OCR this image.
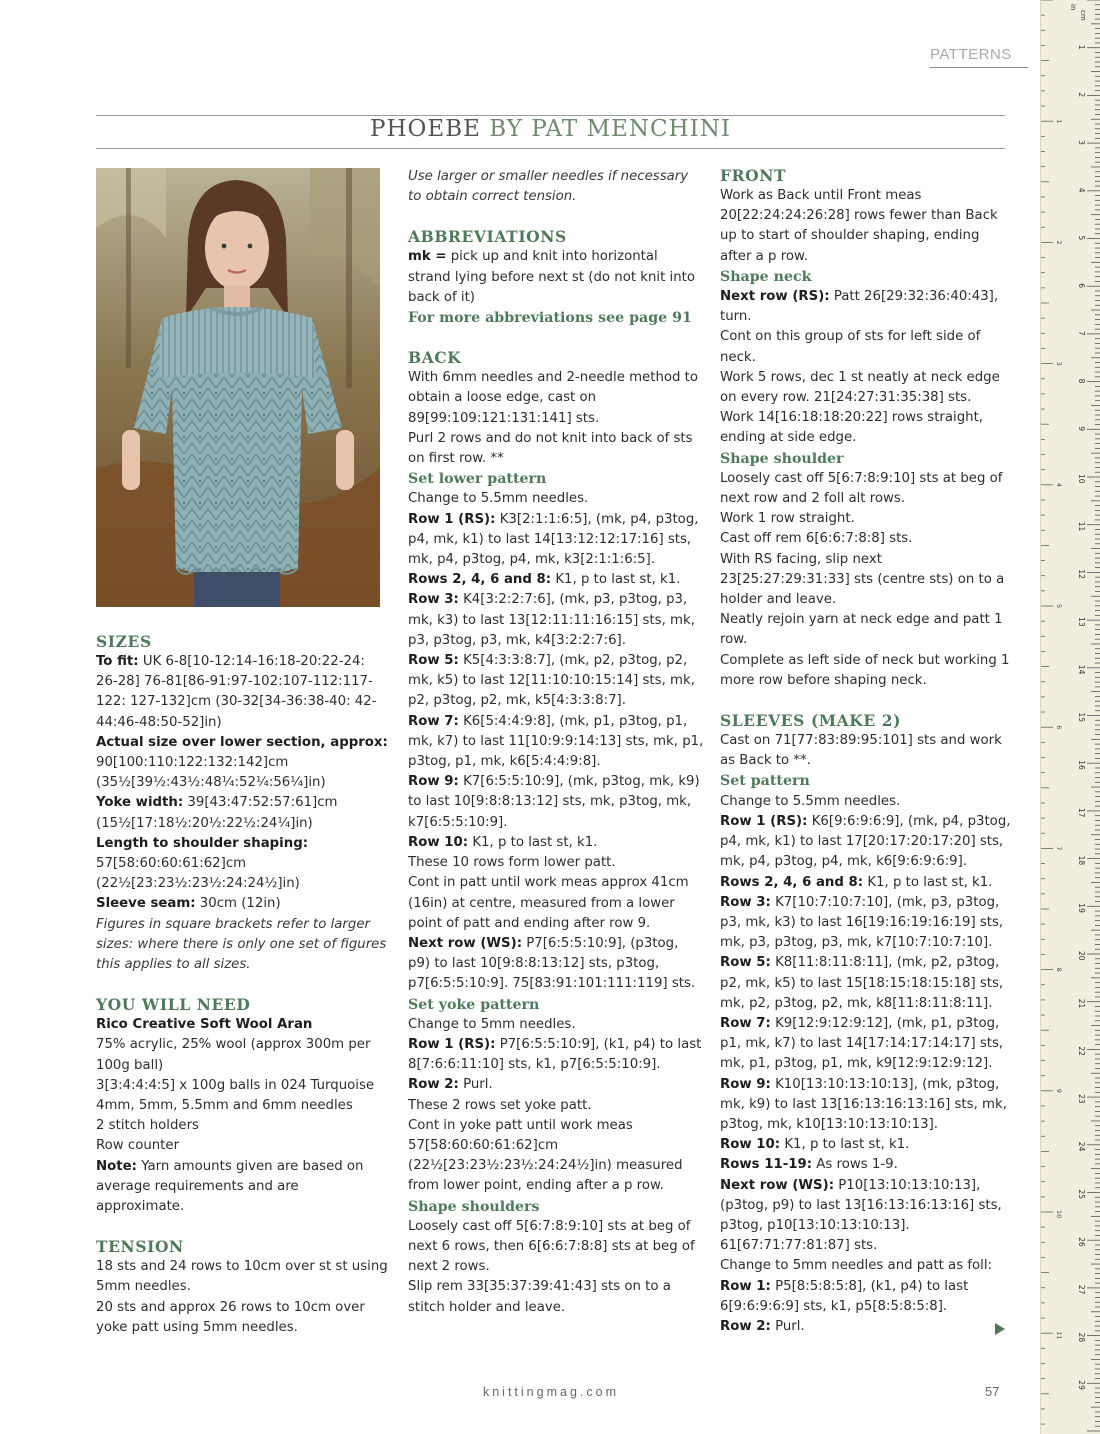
PATTERNS
PHOEBE BY PAT MENCHINI
SIZES
To fit: UK 6-8[10-12:14-16:18-20:22-24: 26-28] 76-81[86-91:97-102:107-112:117-122: 127-132]cm (30-32[34-36:38-40: 42-44:46-48:50-52]in)
Actual size over lower section, approx: 90[100:110:122:132:142]cm (35½[39½:43½:48¼:52¼:56¼]in)
Yoke width: 39[43:47:52:57:61]cm (15½[17:18½:20½:22½:24¼]in)
Length to shoulder shaping: 57[58:60:60:61:62]cm (22½[23:23½:23½:24:24½]in)
Sleeve seam: 30cm (12in)
Figures in square brackets refer to larger sizes: where there is only one set of figures this applies to all sizes.
YOU WILL NEED
Rico Creative Soft Wool Aran
75% acrylic, 25% wool (approx 300m per 100g ball)
3[3:4:4:4:5] x 100g balls in 024 Turquoise
4mm, 5mm, 5.5mm and 6mm needles
2 stitch holders
Row counter
Note: Yarn amounts given are based on average requirements and are approximate.
TENSION
18 sts and 24 rows to 10cm over st st using 5mm needles.
20 sts and approx 26 rows to 10cm over yoke patt using 5mm needles.
Use larger or smaller needles if necessary to obtain correct tension.
ABBREVIATIONS
mk = pick up and knit into horizontal strand lying before next st (do not knit into back of it)
For more abbreviations see page 91
BACK
With 6mm needles and 2-needle method to obtain a loose edge, cast on 89[99:109:121:131:141] sts.
Purl 2 rows and do not knit into back of sts on first row. **
Set lower pattern
Change to 5.5mm needles.
Row 1 (RS): K3[2:1:1:6:5], (mk, p4, p3tog, p4, mk, k1) to last 14[13:12:12:17:16] sts, mk, p4, p3tog, p4, mk, k3[2:1:1:6:5].
Rows 2, 4, 6 and 8: K1, p to last st, k1.
Row 3: K4[3:2:2:7:6], (mk, p3, p3tog, p3, mk, k3) to last 13[12:11:11:16:15] sts, mk, p3, p3tog, p3, mk, k4[3:2:2:7:6].
Row 5: K5[4:3:3:8:7], (mk, p2, p3tog, p2, mk, k5) to last 12[11:10:10:15:14] sts, mk, p2, p3tog, p2, mk, k5[4:3:3:8:7].
Row 7: K6[5:4:4:9:8], (mk, p1, p3tog, p1, mk, k7) to last 11[10:9:9:14:13] sts, mk, p1, p3tog, p1, mk, k6[5:4:4:9:8].
Row 9: K7[6:5:5:10:9], (mk, p3tog, mk, k9) to last 10[9:8:8:13:12] sts, mk, p3tog, mk, k7[6:5:5:10:9].
Row 10: K1, p to last st, k1.
These 10 rows form lower patt.
Cont in patt until work meas approx 41cm (16in) at centre, measured from a lower point of patt and ending after row 9.
Next row (WS): P7[6:5:5:10:9], (p3tog, p9) to last 10[9:8:8:13:12] sts, p3tog, p7[6:5:5:10:9]. 75[83:91:101:111:119] sts.
Set yoke pattern
Change to 5mm needles.
Row 1 (RS): P7[6:5:5:10:9], (k1, p4) to last 8[7:6:6:11:10] sts, k1, p7[6:5:5:10:9].
Row 2: Purl.
These 2 rows set yoke patt.
Cont in yoke patt until work meas 57[58:60:60:61:62]cm (22½[23:23½:23½:24:24½]in) measured from lower point, ending after a p row.
Shape shoulders
Loosely cast off 5[6:7:8:9:10] sts at beg of next 6 rows, then 6[6:6:7:8:8] sts at beg of next 2 rows.
Slip rem 33[35:37:39:41:43] sts on to a stitch holder and leave.
FRONT
Work as Back until Front meas 20[22:24:24:26:28] rows fewer than Back up to start of shoulder shaping, ending after a p row.
Shape neck
Next row (RS): Patt 26[29:32:36:40:43], turn.
Cont on this group of sts for left side of neck.
Work 5 rows, dec 1 st neatly at neck edge on every row. 21[24:27:31:35:38] sts.
Work 14[16:18:18:20:22] rows straight, ending at side edge.
Shape shoulder
Loosely cast off 5[6:7:8:9:10] sts at beg of next row and 2 foll alt rows.
Work 1 row straight.
Cast off rem 6[6:6:7:8:8] sts.
With RS facing, slip next 23[25:27:29:31:33] sts (centre sts) on to a holder and leave.
Neatly rejoin yarn at neck edge and patt 1 row.
Complete as left side of neck but working 1 more row before shaping neck.
SLEEVES (MAKE 2)
Cast on 71[77:83:89:95:101] sts and work as Back to **.
Set pattern
Change to 5.5mm needles.
Row 1 (RS): K6[9:6:9:6:9], (mk, p4, p3tog, p4, mk, k1) to last 17[20:17:20:17:20] sts, mk, p4, p3tog, p4, mk, k6[9:6:9:6:9].
Rows 2, 4, 6 and 8: K1, p to last st, k1.
Row 3: K7[10:7:10:7:10], (mk, p3, p3tog, p3, mk, k3) to last 16[19:16:19:16:19] sts, mk, p3, p3tog, p3, mk, k7[10:7:10:7:10].
Row 5: K8[11:8:11:8:11], (mk, p2, p3tog, p2, mk, k5) to last 15[18:15:18:15:18] sts, mk, p2, p3tog, p2, mk, k8[11:8:11:8:11].
Row 7: K9[12:9:12:9:12], (mk, p1, p3tog, p1, mk, k7) to last 14[17:14:17:14:17] sts, mk, p1, p3tog, p1, mk, k9[12:9:12:9:12].
Row 9: K10[13:10:13:10:13], (mk, p3tog, mk, k9) to last 13[16:13:16:13:16] sts, mk, p3tog, mk, k10[13:10:13:10:13].
Row 10: K1, p to last st, k1.
Rows 11-19: As rows 1-9.
Next row (WS): P10[13:10:13:10:13], (p3tog, p9) to last 13[16:13:16:13:16] sts, p3tog, p10[13:10:13:10:13]. 61[67:71:77:81:87] sts.
Change to 5mm needles and patt as foll:
Row 1: P5[8:5:8:5:8], (k1, p4) to last 6[9:6:9:6:9] sts, k1, p5[8:5:8:5:8].
Row 2: Purl.
knittingmag.com	57
cm
in
1
2
3
4
5
6
7
8
9
10
11
12
13
14
15
16
17
18
19
20
21
22
23
24
25
26
27
28
29
1
2
3
4
5
6
7
8
9
10
11
